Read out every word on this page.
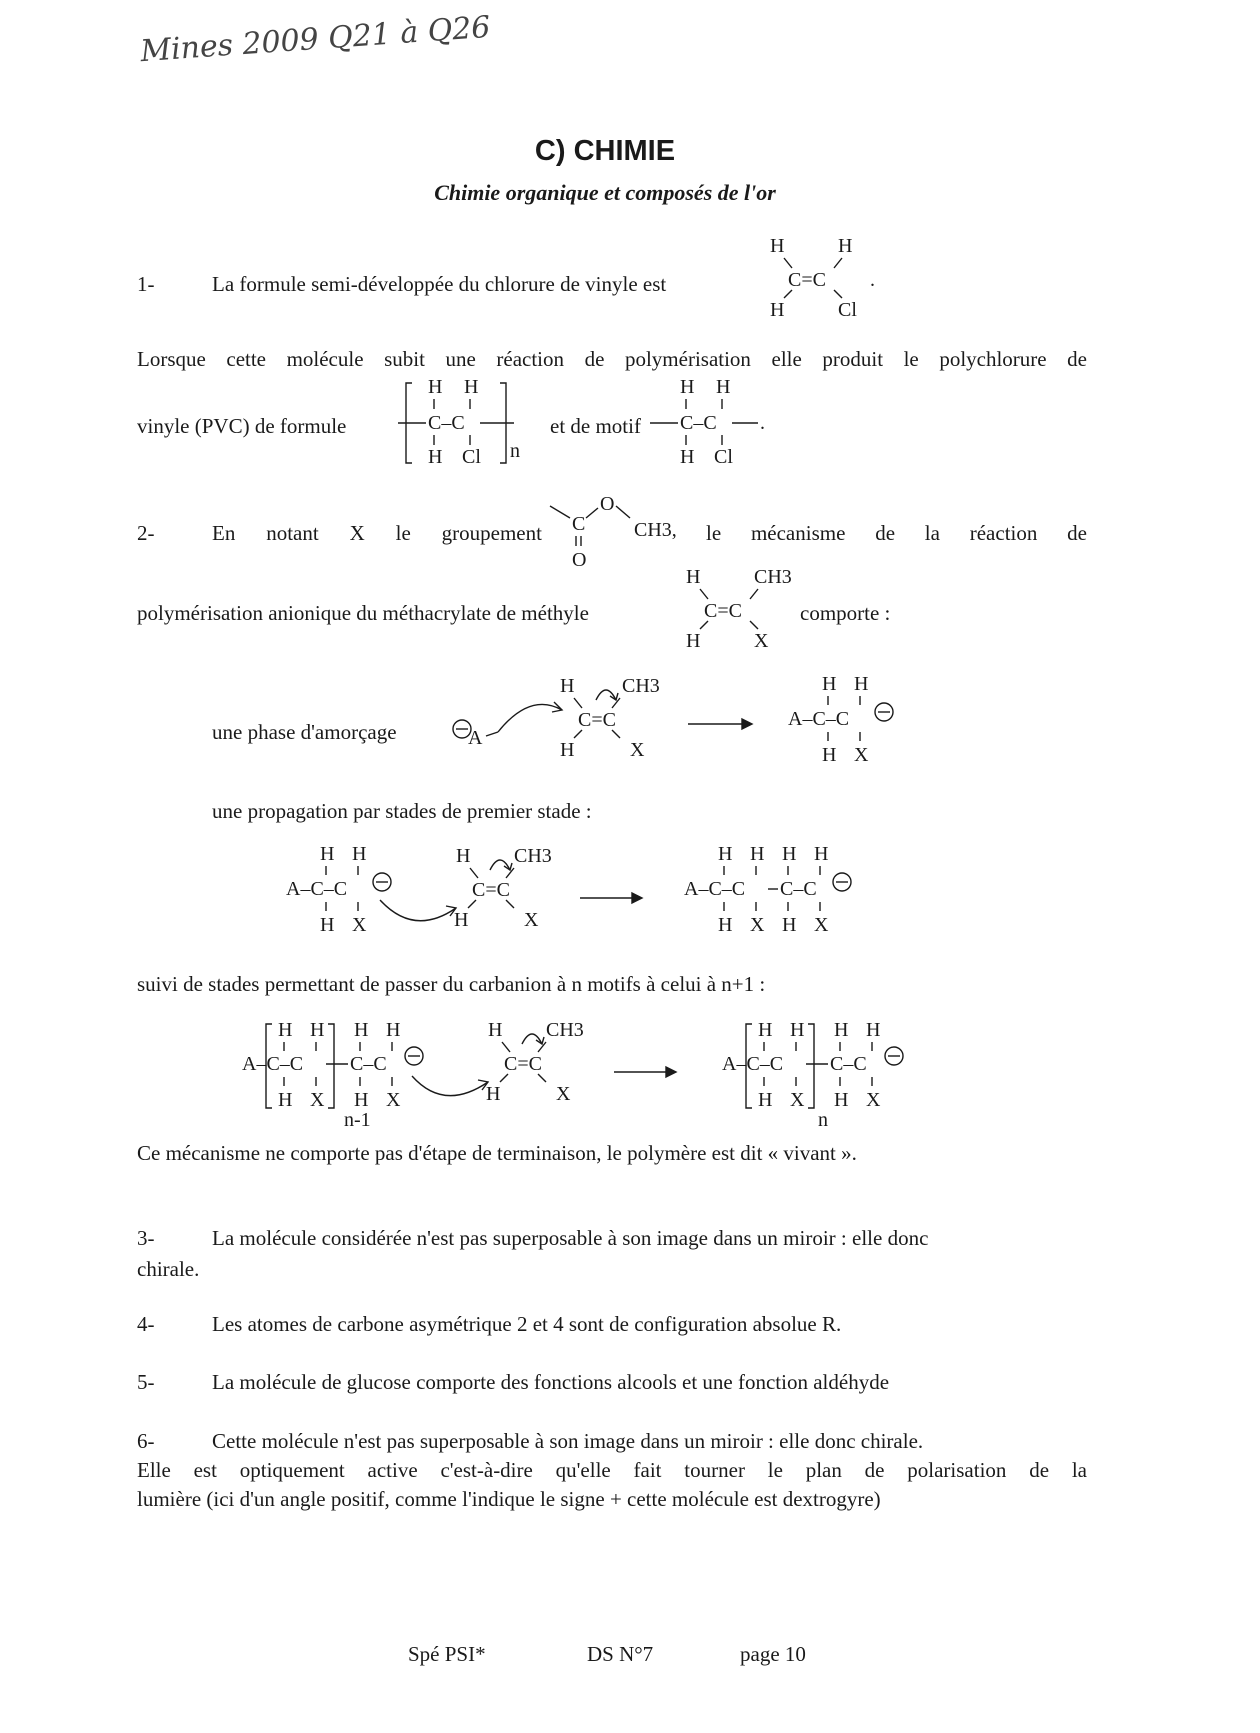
Mines 2009 Q21 à Q26
C) CHIMIE
Chimie organique et composés de l'or
1-	La formule semi-développée du chlorure de vinyle est
H	H
C=C
H	Cl
.
Lorsque cette molécule subit une réaction de polymérisation elle produit le polychlorure de
vinyle (PVC) de formule
H H
C–C
H Cl n
et de motif
H H
C–C
H Cl
.
2-	En notant X le groupement C
O
CH3,
O
le mécanisme de la réaction de
polymérisation anionique du méthacrylate de méthyle
H	CH3
C=C
H	X
comporte :
une phase d'amorçage	A
H CH3
C=C
H	X
H H
A–C–C
H X
une propagation par stades de premier stade :
H H
A–C–C
H X
H CH3
C=C
H	X
H H H H
A–C–C C–C
H X H X
suivi de stades permettant de passer du carbanion à n motifs à celui à n+1 :
H H H H
A–C–C C–C
H X H X
n-1
H CH3
C=C
H	X
H H H H
A–C–C C–C
H X H X
n
Ce mécanisme ne comporte pas d'étape de terminaison, le polymère est dit « vivant ».
3-	La molécule considérée n'est pas superposable à son image dans un miroir : elle donc
chirale.
4-	Les atomes de carbone asymétrique 2 et 4 sont de configuration absolue R.
5-	La molécule de glucose comporte des fonctions alcools et une fonction aldéhyde
6-	Cette molécule n'est pas superposable à son image dans un miroir : elle donc chirale.
Elle est optiquement active c'est-à-dire qu'elle fait tourner le plan de polarisation de la
lumière (ici d'un angle positif, comme l'indique le signe + cette molécule est dextrogyre)
Spé PSI*	DS N°7	page 10
